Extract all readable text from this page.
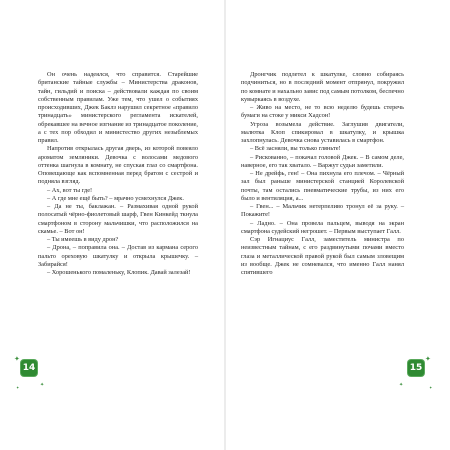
Он очень надеялся, что справится. Старейшие британские тайные службы – Министерства драконов, тайн, гильдий и поиска – действовали каждая по своим собственным правилам. Уже тем, что ушел о событиях происходивших, Джек Баклз нарушил секретное «правило тринадцать» министерского регламента искателей, обрекавшее на вечное изгнание из тринадцатое поколение, а с тех пор обходил и министество других незыблемых правил.

Напротив открылась другая дверь, из которой повеяло ароматом земляники. Девочка с волосами медового оттенка шагнула в комнату, не спуская глаз со смартфона. Оповещающе как вспомненная перед братом с сестрой и подняла взгляд.

– Ах, вот ты где!

– А где мне ещё быть? – мрачно усмехнулся Джек.

– Да не ты, баклажан. – Размахивая одной рукой полосатый чёрно-фиолетовый шарф, Гвен Кинкейд ткнула смартфоном в сторону мальчишки, что расположился на скамье. – Вот он!

– Ты имеешь в виду дрон?

– Дрона, – поправила она. – Достав из кармана серого пальто ореховую шкатулку и открыла крышечку. – Забирайся!

– Хорошенького помаленьку, Клопик. Давай залезай!

14
✦
✦
✦

Дронгчик подлетел к шкатулке, словно собираясь подчиниться, но в последний момент отпрянул, покружил по комнате и нахально завис под самым потолком, беспечно кувыркаясь в воздухе.

– Живо на место, не то всю неделю будешь стеречь бумаги на стоке у микси Хадсон!

Угроза возымела действие. Заглушив двигатели, малютка Клоп спикировал в шкатулку, и крышка захлопнулась. Девочка снова уставилась в смартфон.

– Всё засняли, вы только гляньте!

– Рискованно, – покачал головой Джек. – В самом деле, наверное, его так хватало. – Варжут судьи заметили.

– Не дрейфь, ген! – Она пихнула его плечом. – Чёрный зал был раньше министерской станцией Королевской почты, там остались пневматические трубы, из них его было и вентиляция, а...

– Гвен... – Мальчик нетерпеливо тронул её за руку. – Покажите!

– Ладно. – Она провела пальцем, выводя на экран смартфона судейский негрошет. – Первым выступает Галл.

Сэр Игнациус Галл, заместитель министра по неизвестным тайнам, с его раздвинутыми почами вместо глаза и металлической правой рукой был самым зловещим из вообще. Джек не сомневался, что именно Галл нанял спятившего

✦
✦	✦
15
